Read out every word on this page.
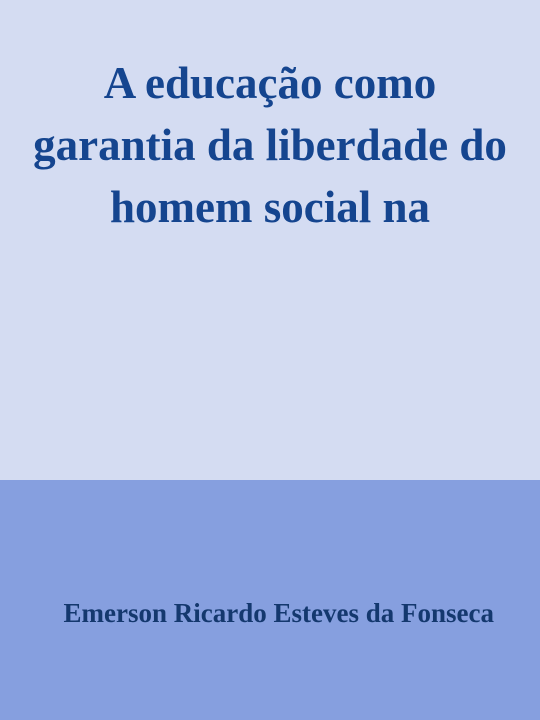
A educação como garantia da liberdade do homem social na

Emerson Ricardo Esteves da Fonseca
